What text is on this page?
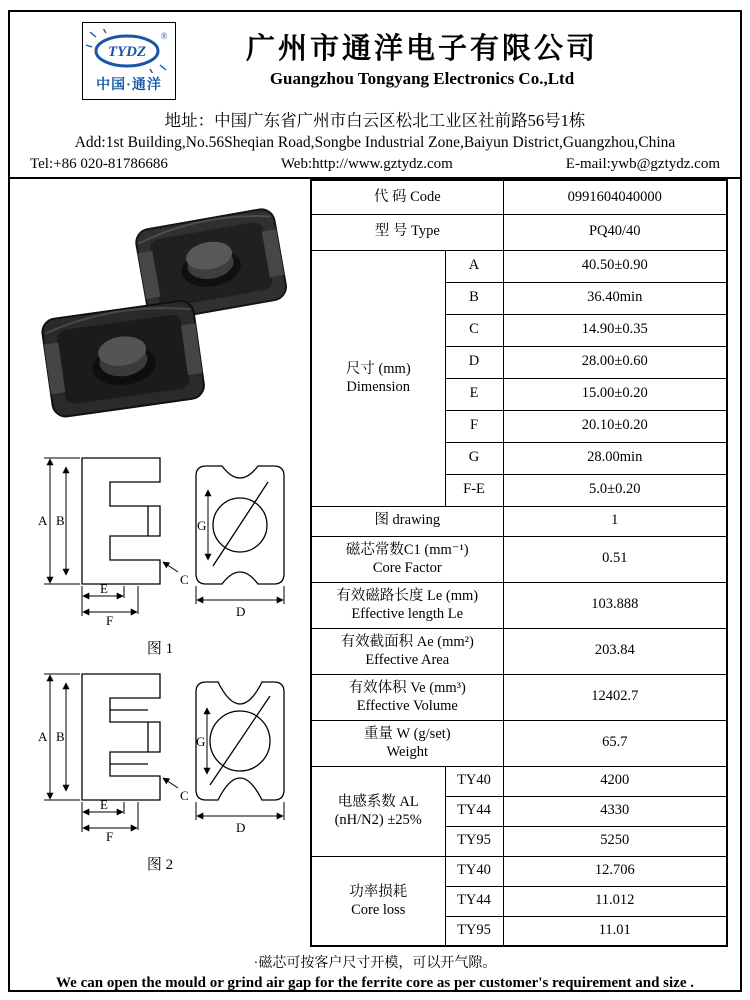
TYDZ
®
中国·通洋
广州市通洋电子有限公司
Guangzhou Tongyang Electronics Co.,Ltd
地址：中国广东省广州市白云区松北工业区社前路56号1栋
Add:1st Building,No.56Sheqian Road,Songbe Industrial Zone,Baiyun District,Guangzhou,China
Tel:+86 020-81786686	Web:http://www.gztydz.com	E-mail:ywb@gztydz.com
A B
E
F
C
G
D
图 1
A B
E
F
C
G
D
图 2
代 码 Code		0991604040000
型 号 Type		PQ40/40

尺寸 (mm)
Dimension	A	40.50±0.90
	B	36.40min
	C	14.90±0.35
	D	28.00±0.60
	E	15.00±0.20
	F	20.10±0.20
	G	28.00min
	F-E	5.0±0.20
图 drawing		1

磁芯常数C1 (mm⁻¹)
Core Factor		0.51

有效磁路长度 Le (mm)
Effective length Le		103.888

有效截面积 Ae (mm²)
Effective Area		203.84

有效体积 Ve (mm³)
Effective Volume		12402.7

重量 W (g/set)
Weight		65.7

电感系数 AL
(nH/N2) ±25%	TY40	4200
	TY44	4330
	TY95	5250

功率损耗
Core loss	TY40	12.706
	TY44	11.012
	TY95	11.01
·磁芯可按客户尺寸开模，可以开气隙。
We can open the mould or grind air gap for the ferrite core as per customer's requirement and size .
